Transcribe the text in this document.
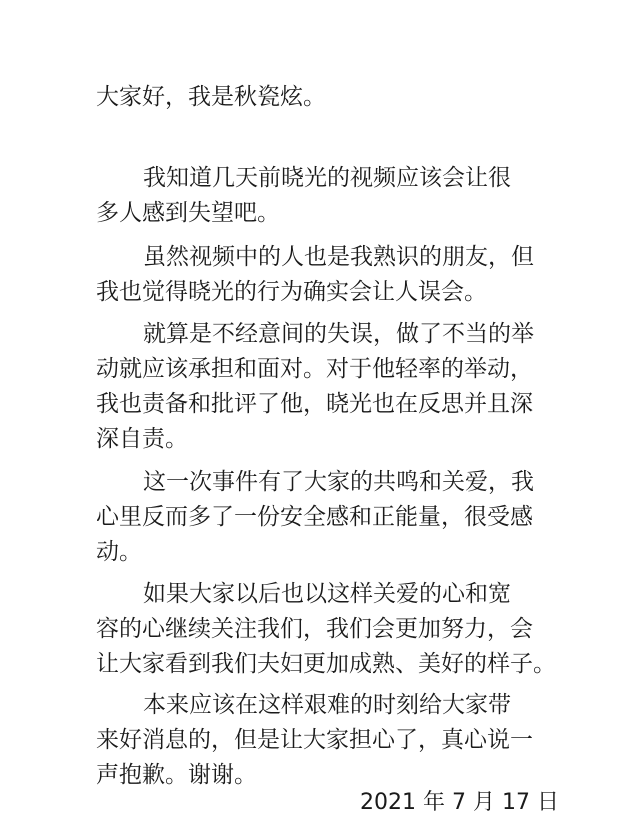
大家好，我是秋瓷炫。
我知道几天前晓光的视频应该会让很
多人感到失望吧。
虽然视频中的人也是我熟识的朋友，但
我也觉得晓光的行为确实会让人误会。
就算是不经意间的失误，做了不当的举
动就应该承担和面对。对于他轻率的举动，
我也责备和批评了他，晓光也在反思并且深
深自责。
这一次事件有了大家的共鸣和关爱，我
心里反而多了一份安全感和正能量，很受感
动。
如果大家以后也以这样关爱的心和宽
容的心继续关注我们，我们会更加努力，会
让大家看到我们夫妇更加成熟、美好的样子。
本来应该在这样艰难的时刻给大家带
来好消息的，但是让大家担心了，真心说一
声抱歉。谢谢。
2021 年 7 月 17 日
